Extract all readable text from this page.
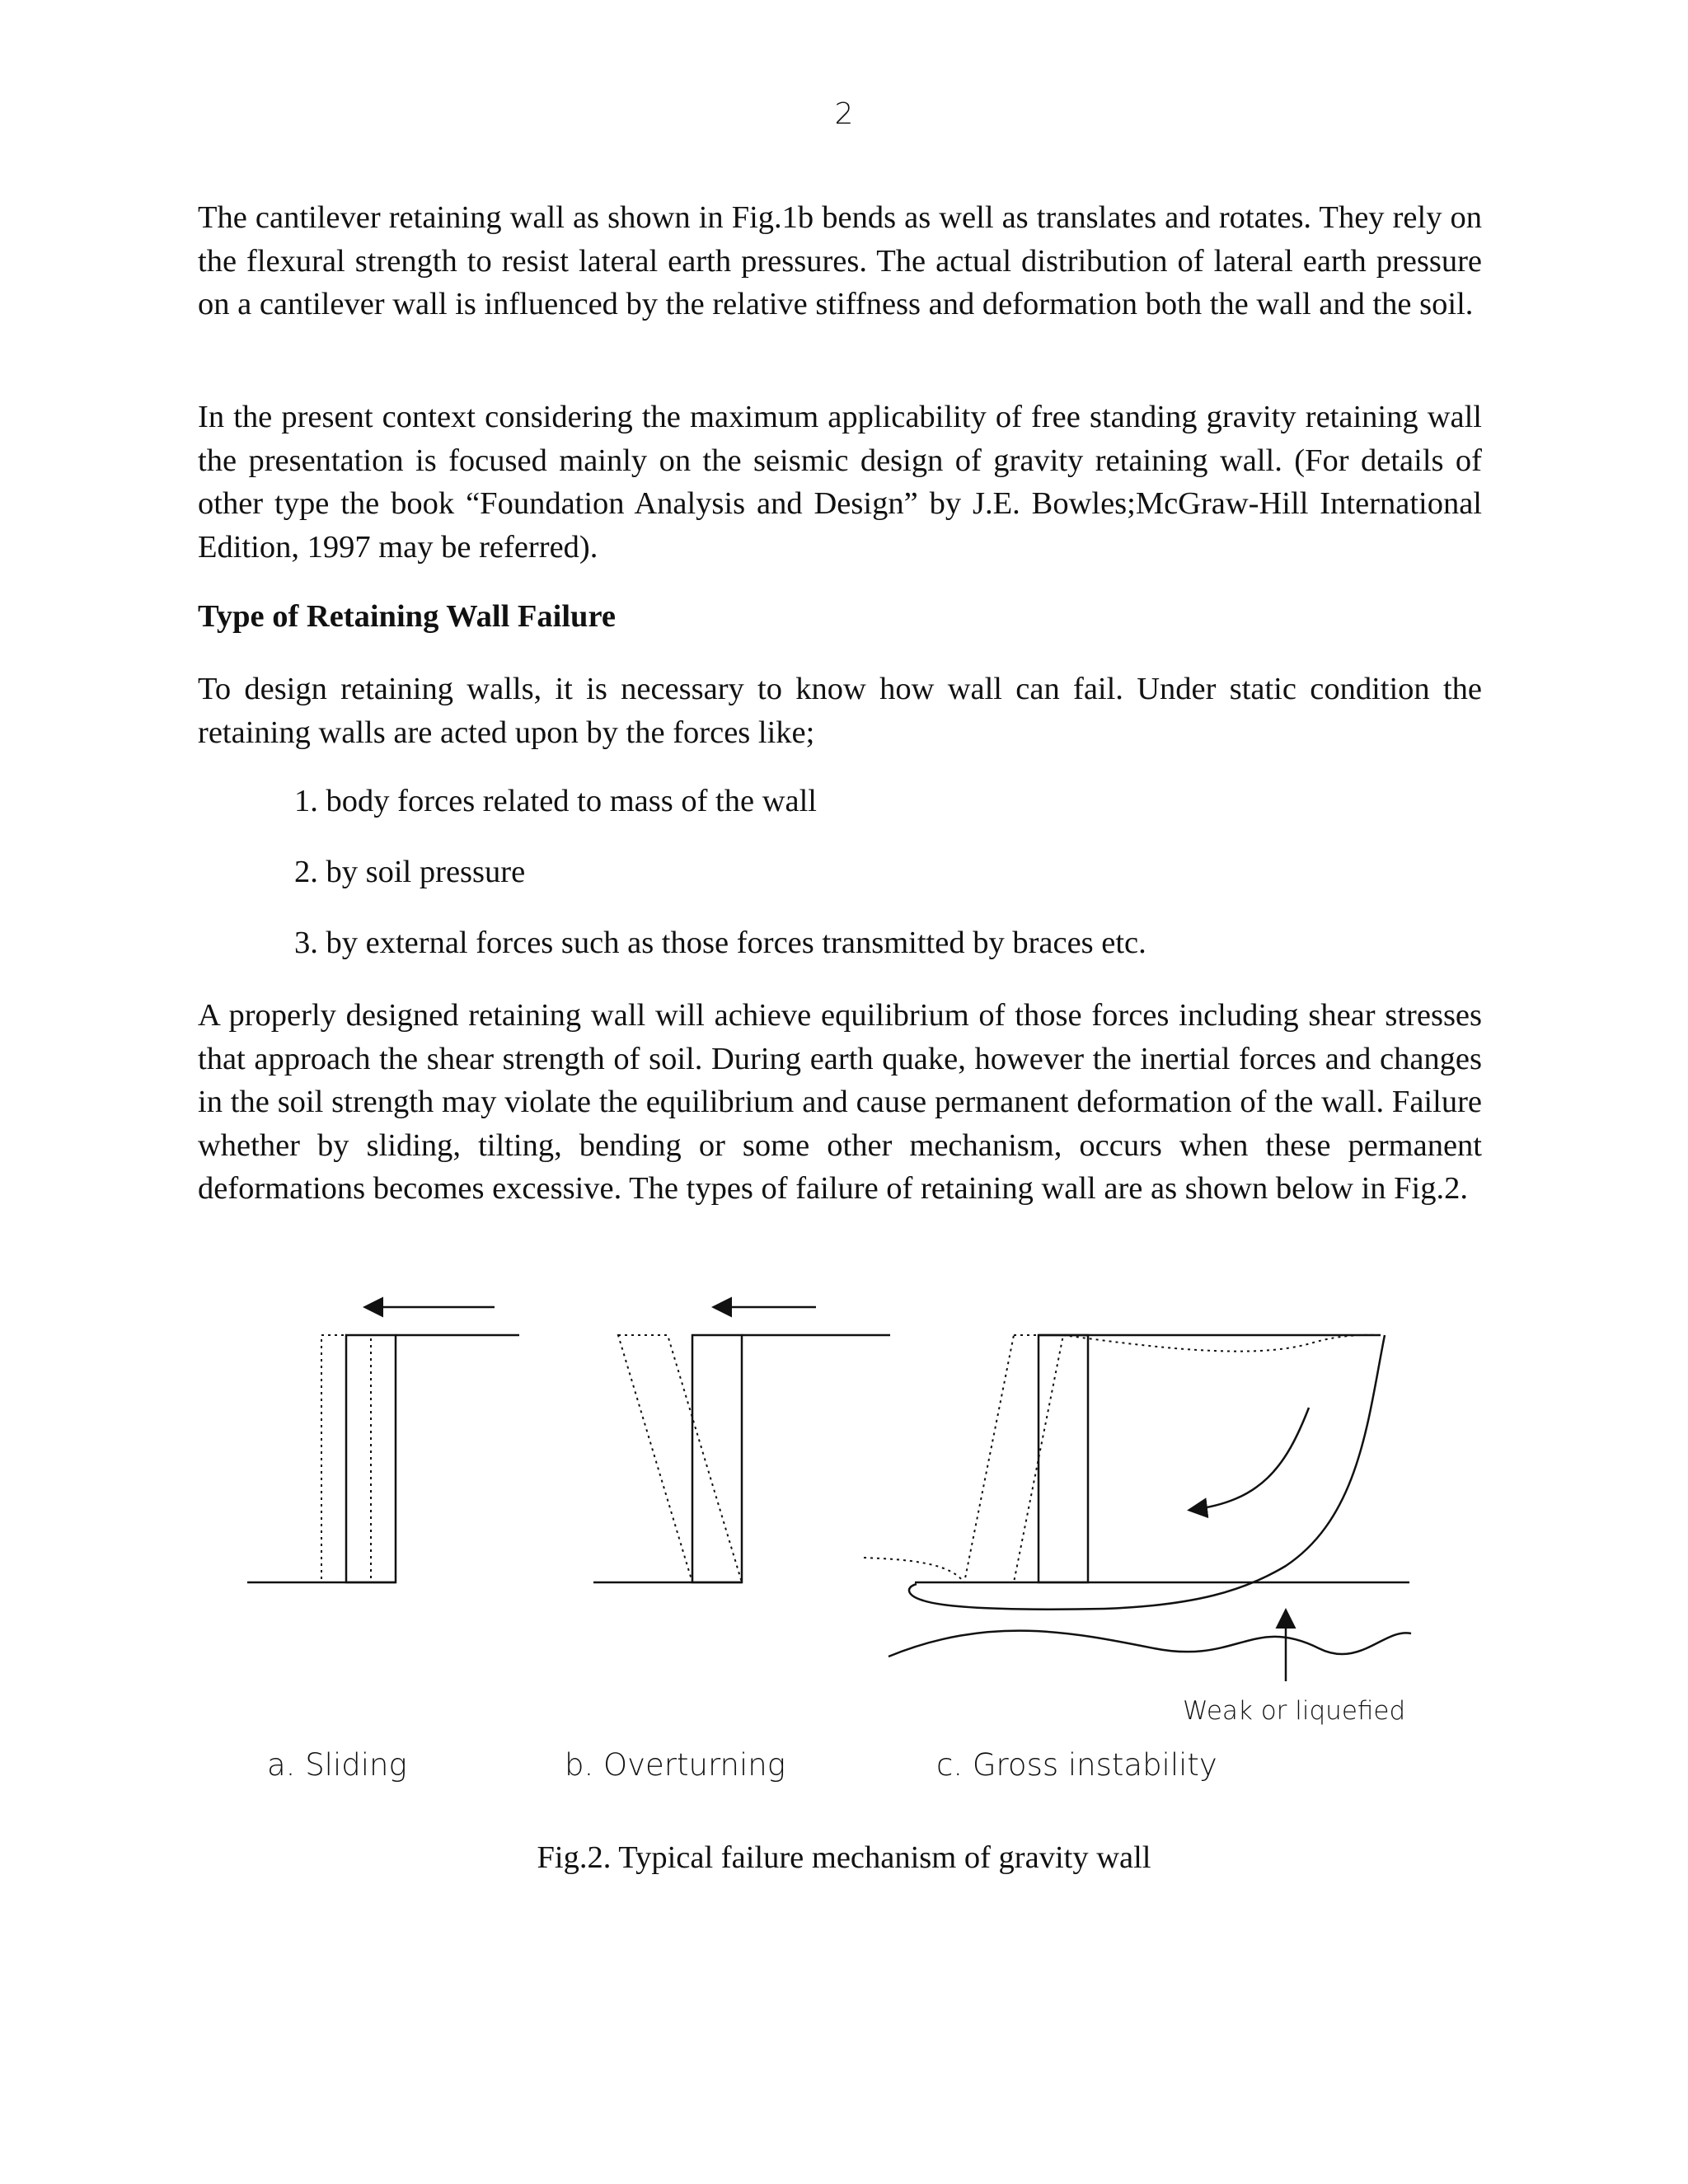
2

The cantilever retaining wall as shown in Fig.1b bends as well as translates and rotates. They rely on the flexural strength to resist lateral earth pressures. The actual distribution of lateral earth pressure on a cantilever wall is influenced by the relative stiffness and deformation both the wall and the soil.

In the present context considering the maximum applicability of free standing gravity retaining wall the presentation is focused mainly on the seismic design of gravity retaining wall. (For details of other type the book “Foundation Analysis and Design” by J.E. Bowles;McGraw-Hill International Edition, 1997 may be referred).

Type of Retaining Wall Failure

To design retaining walls, it is necessary to know how wall can fail. Under static condition the retaining walls are acted upon by the forces like;

1. body forces related to mass of the wall

2. by soil pressure

3. by external forces such as those forces transmitted by braces etc.

A properly designed retaining wall will achieve equilibrium of those forces including shear stresses that approach the shear strength of soil. During earth quake, however the inertial forces and changes in the soil strength may violate the equilibrium and cause permanent deformation of the wall. Failure whether by sliding, tilting, bending or some other mechanism, occurs when these permanent deformations becomes excessive. The types of failure of retaining wall are as shown below in Fig.2.

Weak or liquefied
a. Sliding	b. Overturning	c. Gross instability
Fig.2. Typical failure mechanism of gravity wall
